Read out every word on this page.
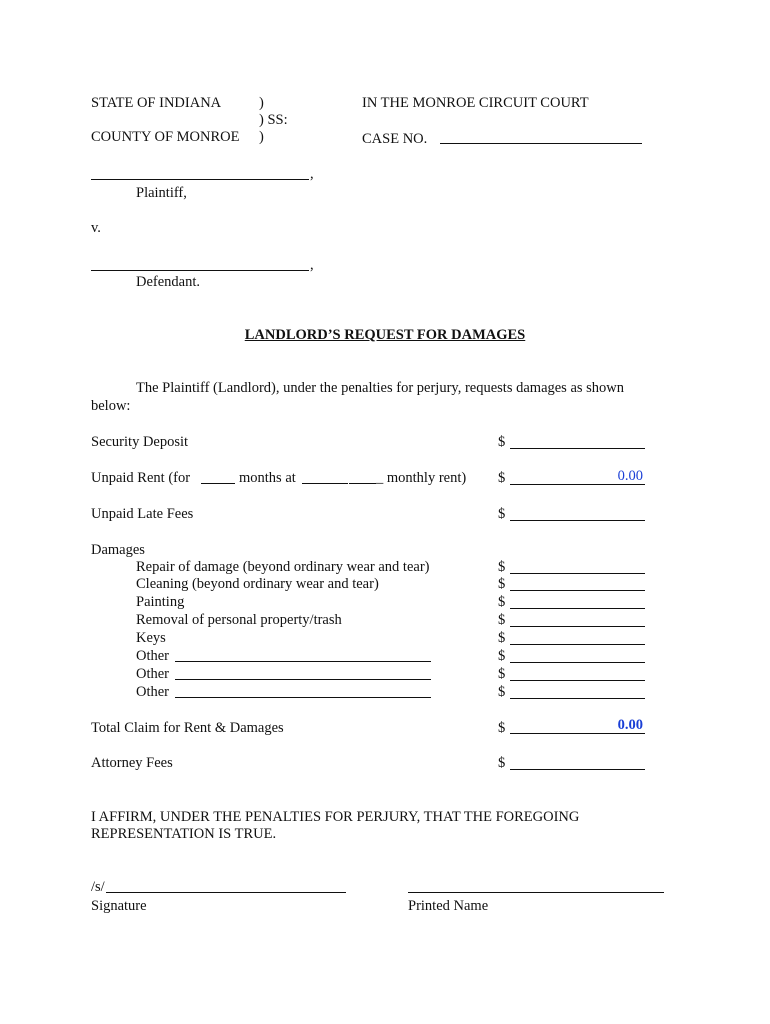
STATE OF INDIANA	)
) SS:
COUNTY OF MONROE )
IN THE MONROE CIRCUIT COURT
CASE NO.
,
Plaintiff,
v.
,
Defendant.
LANDLORD’S REQUEST FOR DAMAGES
The Plaintiff (Landlord), under the penalties for perjury, requests damages as shown
below:
Security Deposit	$
Unpaid Rent (for	months at	_ monthly rent) $	0.00
Unpaid Late Fees	$
Damages
Repair of damage (beyond ordinary wear and tear)	$
Cleaning (beyond ordinary wear and tear)	$
Painting	$
Removal of personal property/trash	$
Keys	$
Other	$
Other	$
Other	$
Total Claim for Rent & Damages	$	0.00
Attorney Fees	$
I AFFIRM, UNDER THE PENALTIES FOR PERJURY, THAT THE FOREGOING
REPRESENTATION IS TRUE.
/s/
Signature	Printed Name
